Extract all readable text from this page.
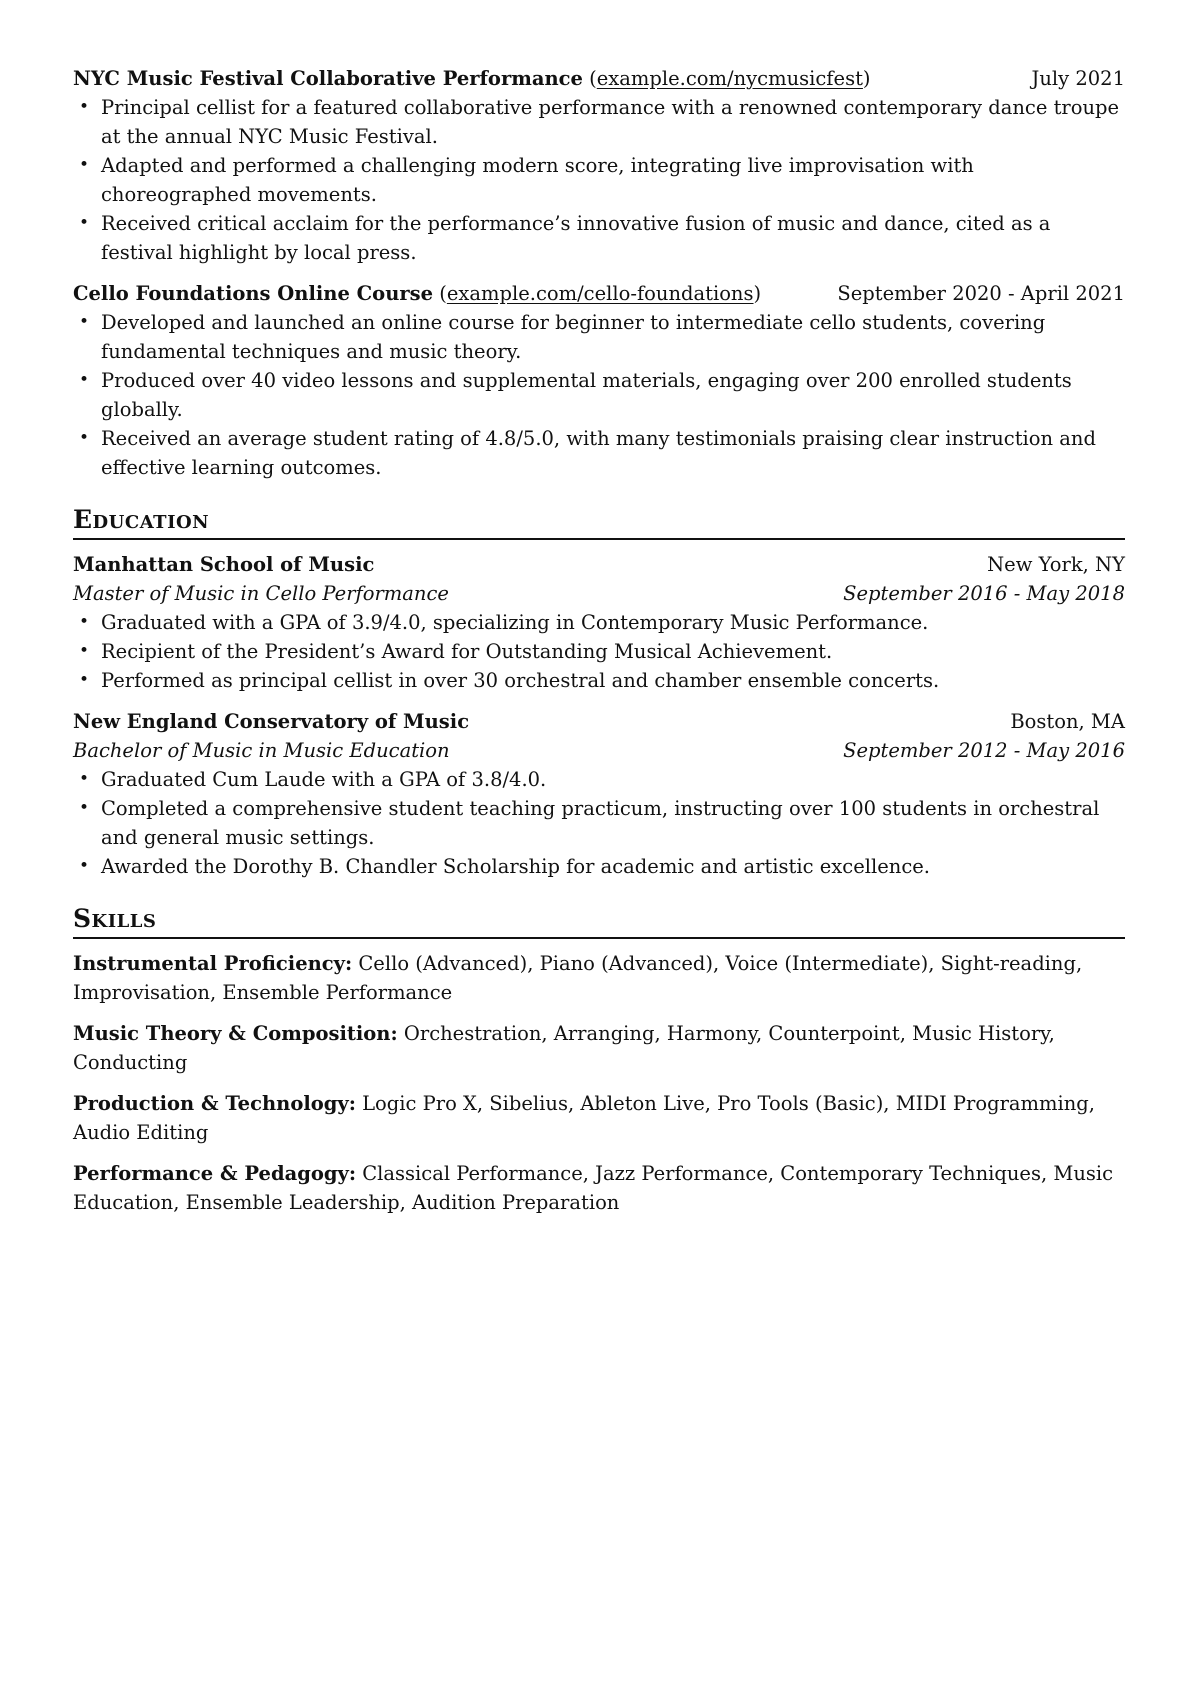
NYC Music Festival Collaborative Performance (example.com/nycmusicfest)	July 2021
• Principal cellist for a featured collaborative performance with a renowned contemporary dance troupe at the annual NYC Music Festival.
• Adapted and performed a challenging modern score, integrating live improvisation with choreographed movements.
• Received critical acclaim for the performance’s innovative fusion of music and dance, cited as a festival highlight by local press.
Cello Foundations Online Course (example.com/cello-foundations)	September 2020 - April 2021
• Developed and launched an online course for beginner to intermediate cello students, covering fundamental techniques and music theory.
• Produced over 40 video lessons and supplemental materials, engaging over 200 enrolled students globally.
• Received an average student rating of 4.8/5.0, with many testimonials praising clear instruction and effective learning outcomes.
Education
Manhattan School of Music	New York, NY
Master of Music in Cello Performance	September 2016 - May 2018
• Graduated with a GPA of 3.9/4.0, specializing in Contemporary Music Performance.
• Recipient of the President’s Award for Outstanding Musical Achievement.
• Performed as principal cellist in over 30 orchestral and chamber ensemble concerts.
New England Conservatory of Music	Boston, MA
Bachelor of Music in Music Education	September 2012 - May 2016
• Graduated Cum Laude with a GPA of 3.8/4.0.
• Completed a comprehensive student teaching practicum, instructing over 100 students in orchestral and general music settings.
• Awarded the Dorothy B. Chandler Scholarship for academic and artistic excellence.
Skills
Instrumental Proficiency: Cello (Advanced), Piano (Advanced), Voice (Intermediate), Sight-reading, Improvisation, Ensemble Performance
Music Theory & Composition: Orchestration, Arranging, Harmony, Counterpoint, Music History, Conducting
Production & Technology: Logic Pro X, Sibelius, Ableton Live, Pro Tools (Basic), MIDI Programming, Audio Editing
Performance & Pedagogy: Classical Performance, Jazz Performance, Contemporary Techniques, Music Education, Ensemble Leadership, Audition Preparation
